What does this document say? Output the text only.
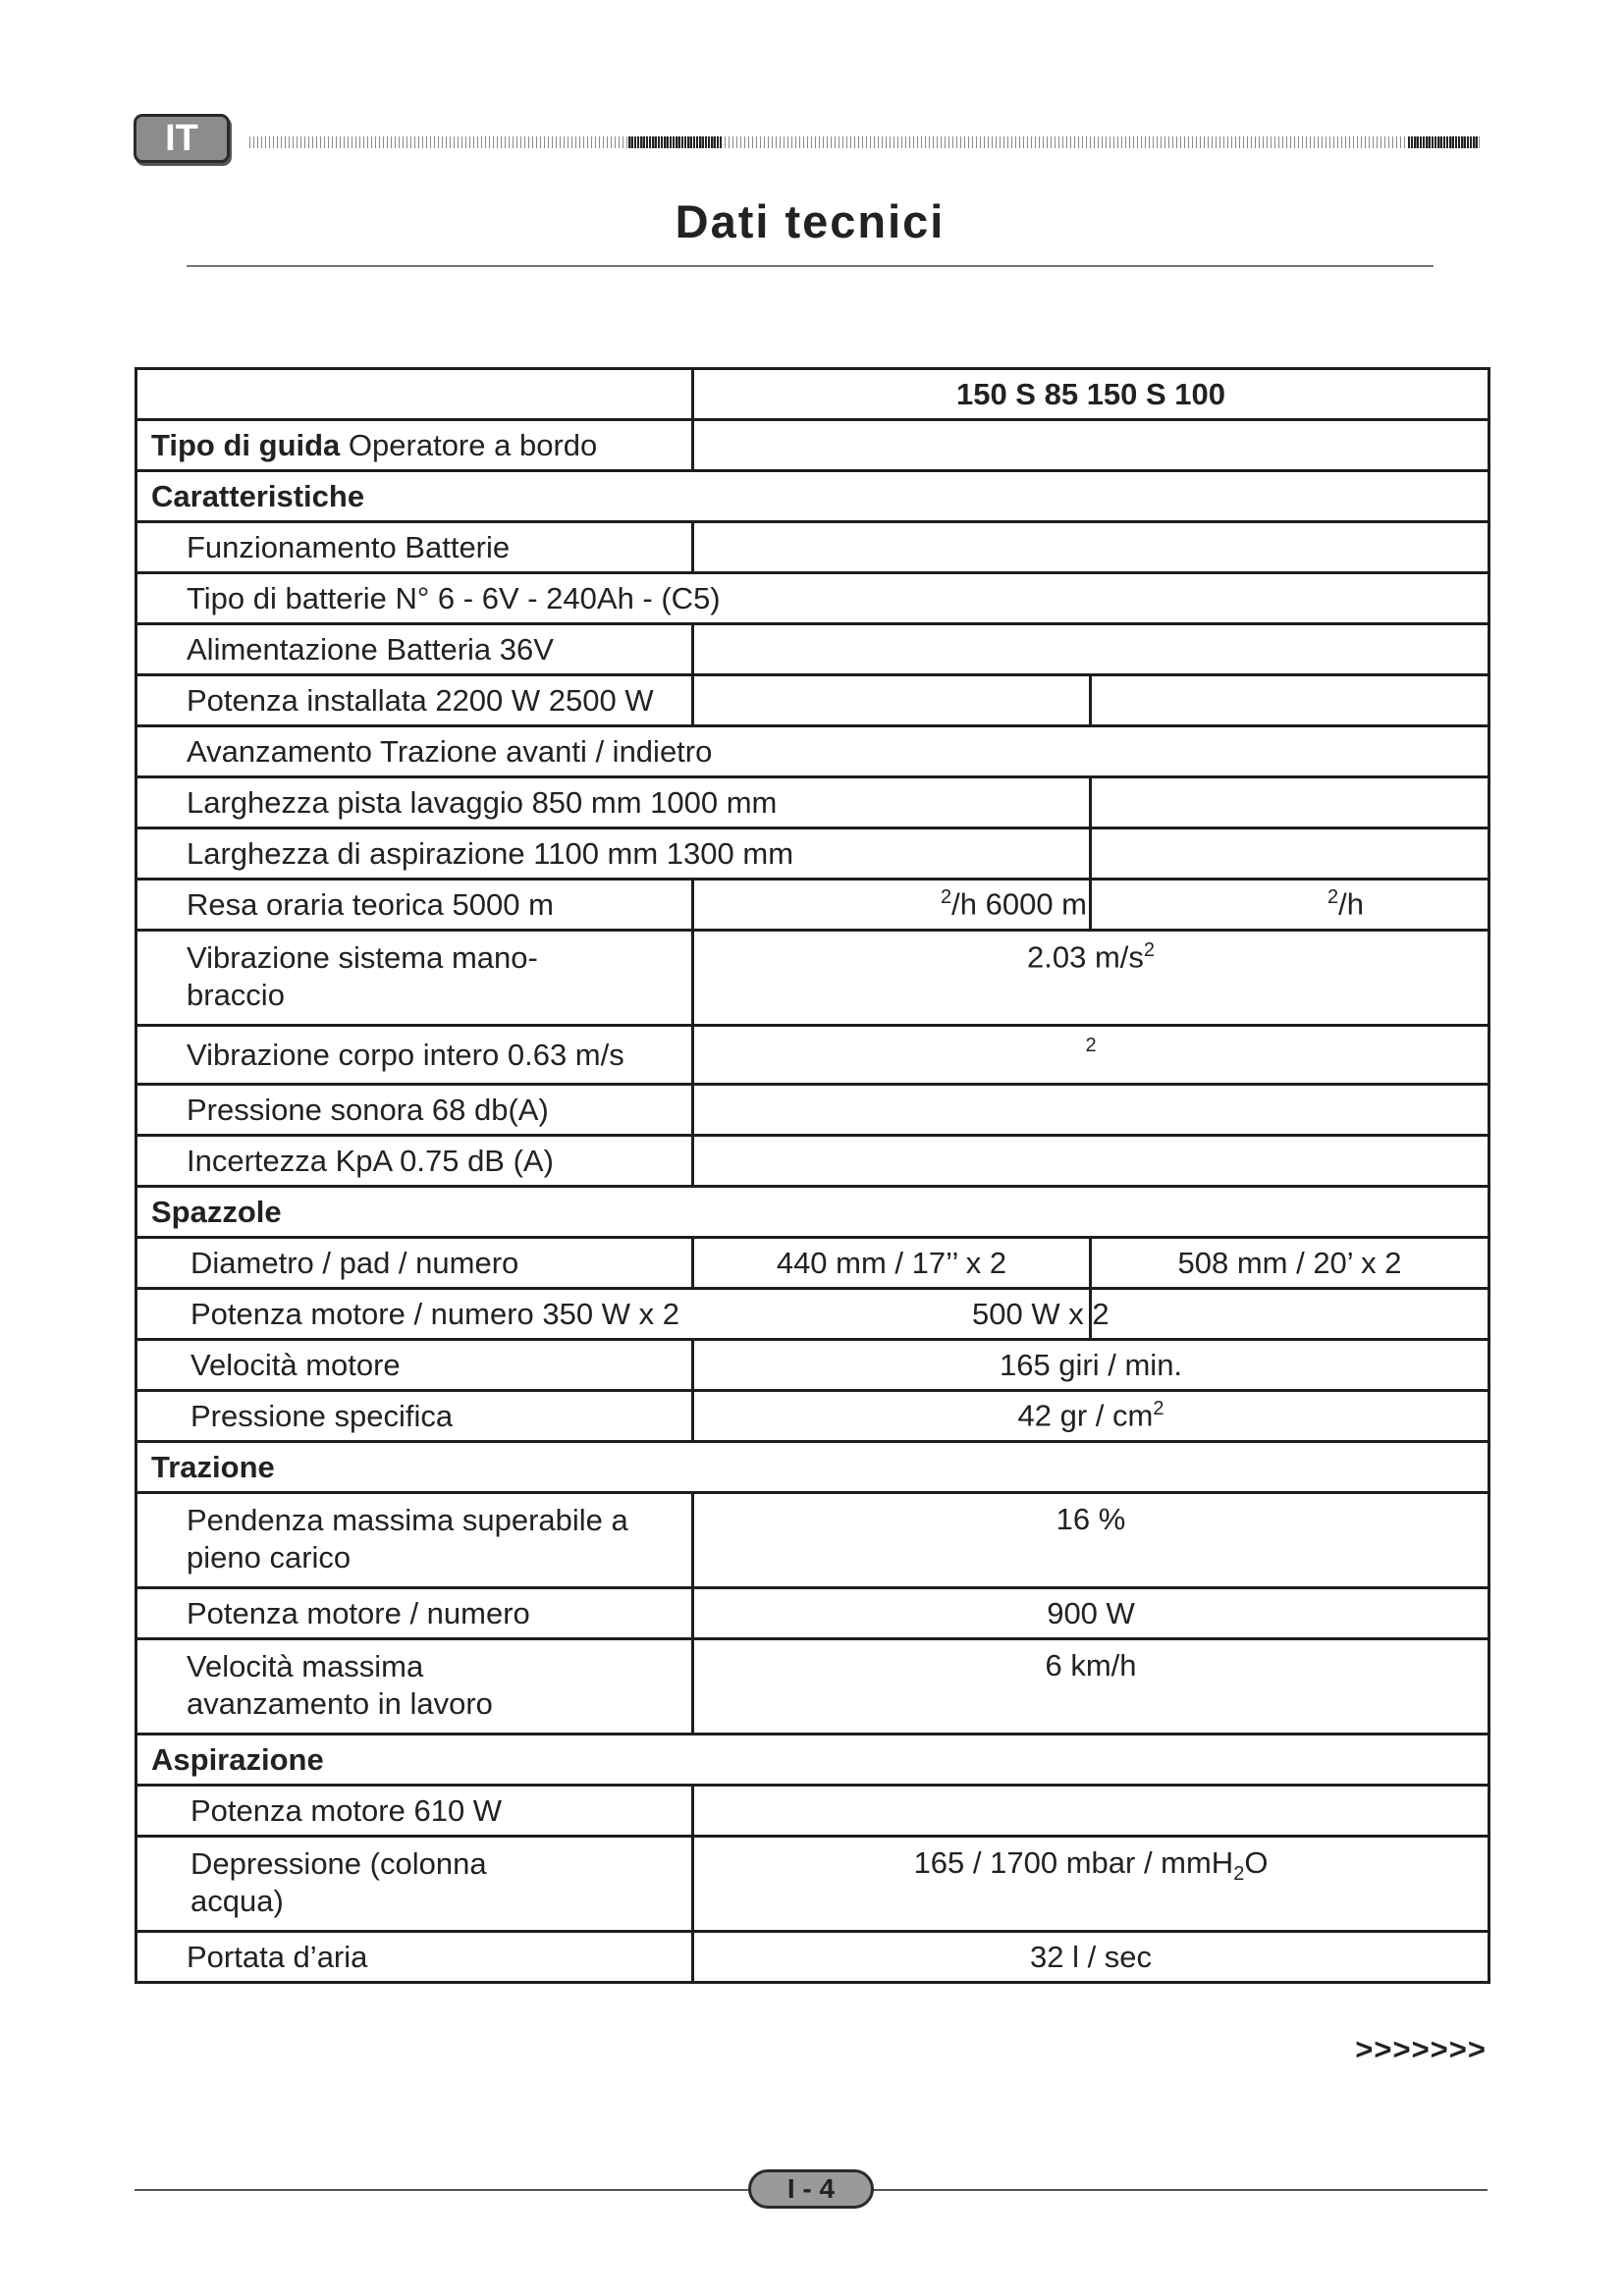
IT
Dati tecnici
	150 S 85 150 S 100	
Tipo di guida Operatore a bordo		
Caratteristiche		
Funzionamento Batterie		
Tipo di batterie N° 6 - 6V - 240Ah - (C5)		
Alimentazione Batteria 36V		
Potenza installata 2200 W 2500 W		
Avanzamento Trazione avanti / indietro		
Larghezza pista lavaggio 850 mm 1000 mm		
Larghezza di aspirazione 1100 mm 1300 mm		
Resa oraria teorica 5000 m	$^2$/h 6000 m	$^2$/h
Vibrazione sistema mano-braccio	2.03 $m/s^2$
Vibrazione corpo intero 0.63 m/s	2	
Pressione sonora 68 db(A)		
Incertezza KpA 0.75 dB (A)		
Spazzole		
Diametro / pad / numero	440 mm / 17’’ x 2	508 mm / 20’ x 2
Potenza motore / numero 350 W x 2		500 W x 2
Velocità motore	165 giri / min.	
Pressione specifica	42 gr / $cm^2$
Trazione		
Pendenza massima superabile a pieno carico	16 %	
Potenza motore / numero	900 W	
Velocità massima avanzamento in lavoro	6 km/h	
Aspirazione		
Potenza motore 610 W		
Depressione (colonna acqua)	165 / 1700 mbar / mmH$_2$O	
Portata d’aria	32 l / sec	
>>>>>>>
I - 4
